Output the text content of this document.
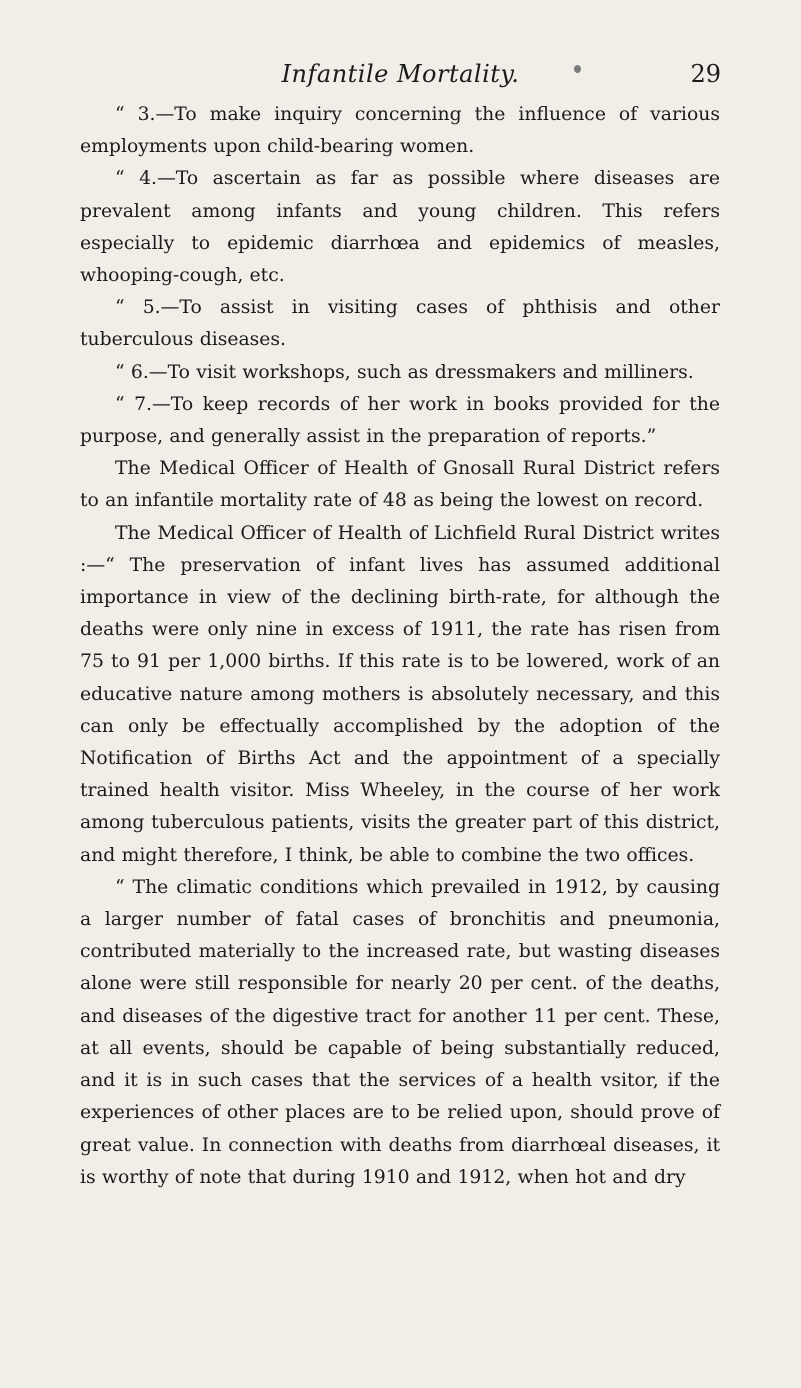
Infantile Mortality.	29

“ 3.—To make inquiry concerning the influence of various employments upon child-bearing women.

“ 4.—To ascertain as far as possible where diseases are prevalent among infants and young children. This refers especially to epidemic diarrhœa and epidemics of measles, whooping-cough, etc.

“ 5.—To assist in visiting cases of phthisis and other tuberculous diseases.

“ 6.—To visit workshops, such as dressmakers and milliners.

“ 7.—To keep records of her work in books provided for the purpose, and generally assist in the preparation of reports.”

The Medical Officer of Health of Gnosall Rural District refers to an infantile mortality rate of 48 as being the lowest on record.

The Medical Officer of Health of Lichfield Rural District writes :—“ The preservation of infant lives has assumed additional importance in view of the declining birth-rate, for although the deaths were only nine in excess of 1911, the rate has risen from 75 to 91 per 1,000 births. If this rate is to be lowered, work of an educative nature among mothers is absolutely necessary, and this can only be effectually accomplished by the adoption of the Notification of Births Act and the appointment of a specially trained health visitor. Miss Wheeley, in the course of her work among tuberculous patients, visits the greater part of this district, and might therefore, I think, be able to combine the two offices.

“ The climatic conditions which prevailed in 1912, by causing a larger number of fatal cases of bronchitis and pneumonia, contributed materially to the increased rate, but wasting diseases alone were still responsible for nearly 20 per cent. of the deaths, and diseases of the digestive tract for another 11 per cent. These, at all events, should be capable of being substantially reduced, and it is in such cases that the services of a health vsitor, if the experiences of other places are to be relied upon, should prove of great value. In connection with deaths from diarrhœal diseases, it is worthy of note that during 1910 and 1912, when hot and dry
